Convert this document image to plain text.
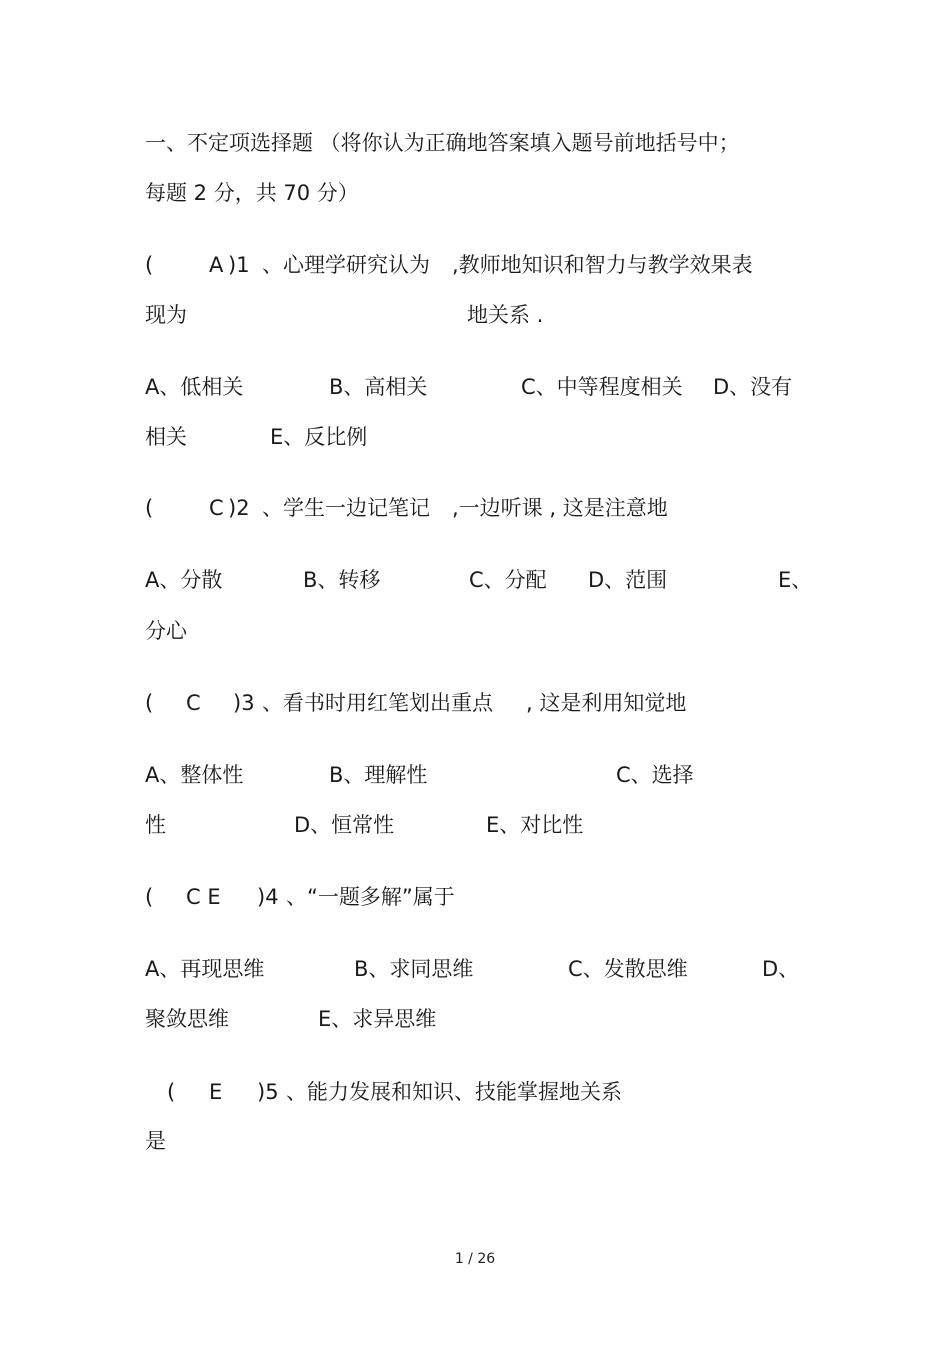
一、不定项选择题 （将你认为正确地答案填入题号前地括号中；

每题 2 分，共 70 分）

(

	A

)1

、心理学研究认为

,教师地知识和智力与教学效果表

现为

	地关系 .

A、低相关

	B、高相关

	C、中等程度相关

D、没有

相关

	E、反比例

(

	C

)2

、学生一边记笔记

,一边听课 , 这是注意地

A、分散

	B、转移

	C、分配

D、范围

	E、

分心

(

C

)3

、看书时用红笔划出重点

, 这是利用知觉地

A、整体性

	B、理解性

	C、选择

性

	D、恒常性

	E、对比性

(

C E

)4

、“一题多解”属于

A、再现思维

	B、求同思维

	C、发散思维

	D、

聚敛思维

	E、求异思维

(

E

)5

、能力发展和知识、技能掌握地关系

是

1 / 26
